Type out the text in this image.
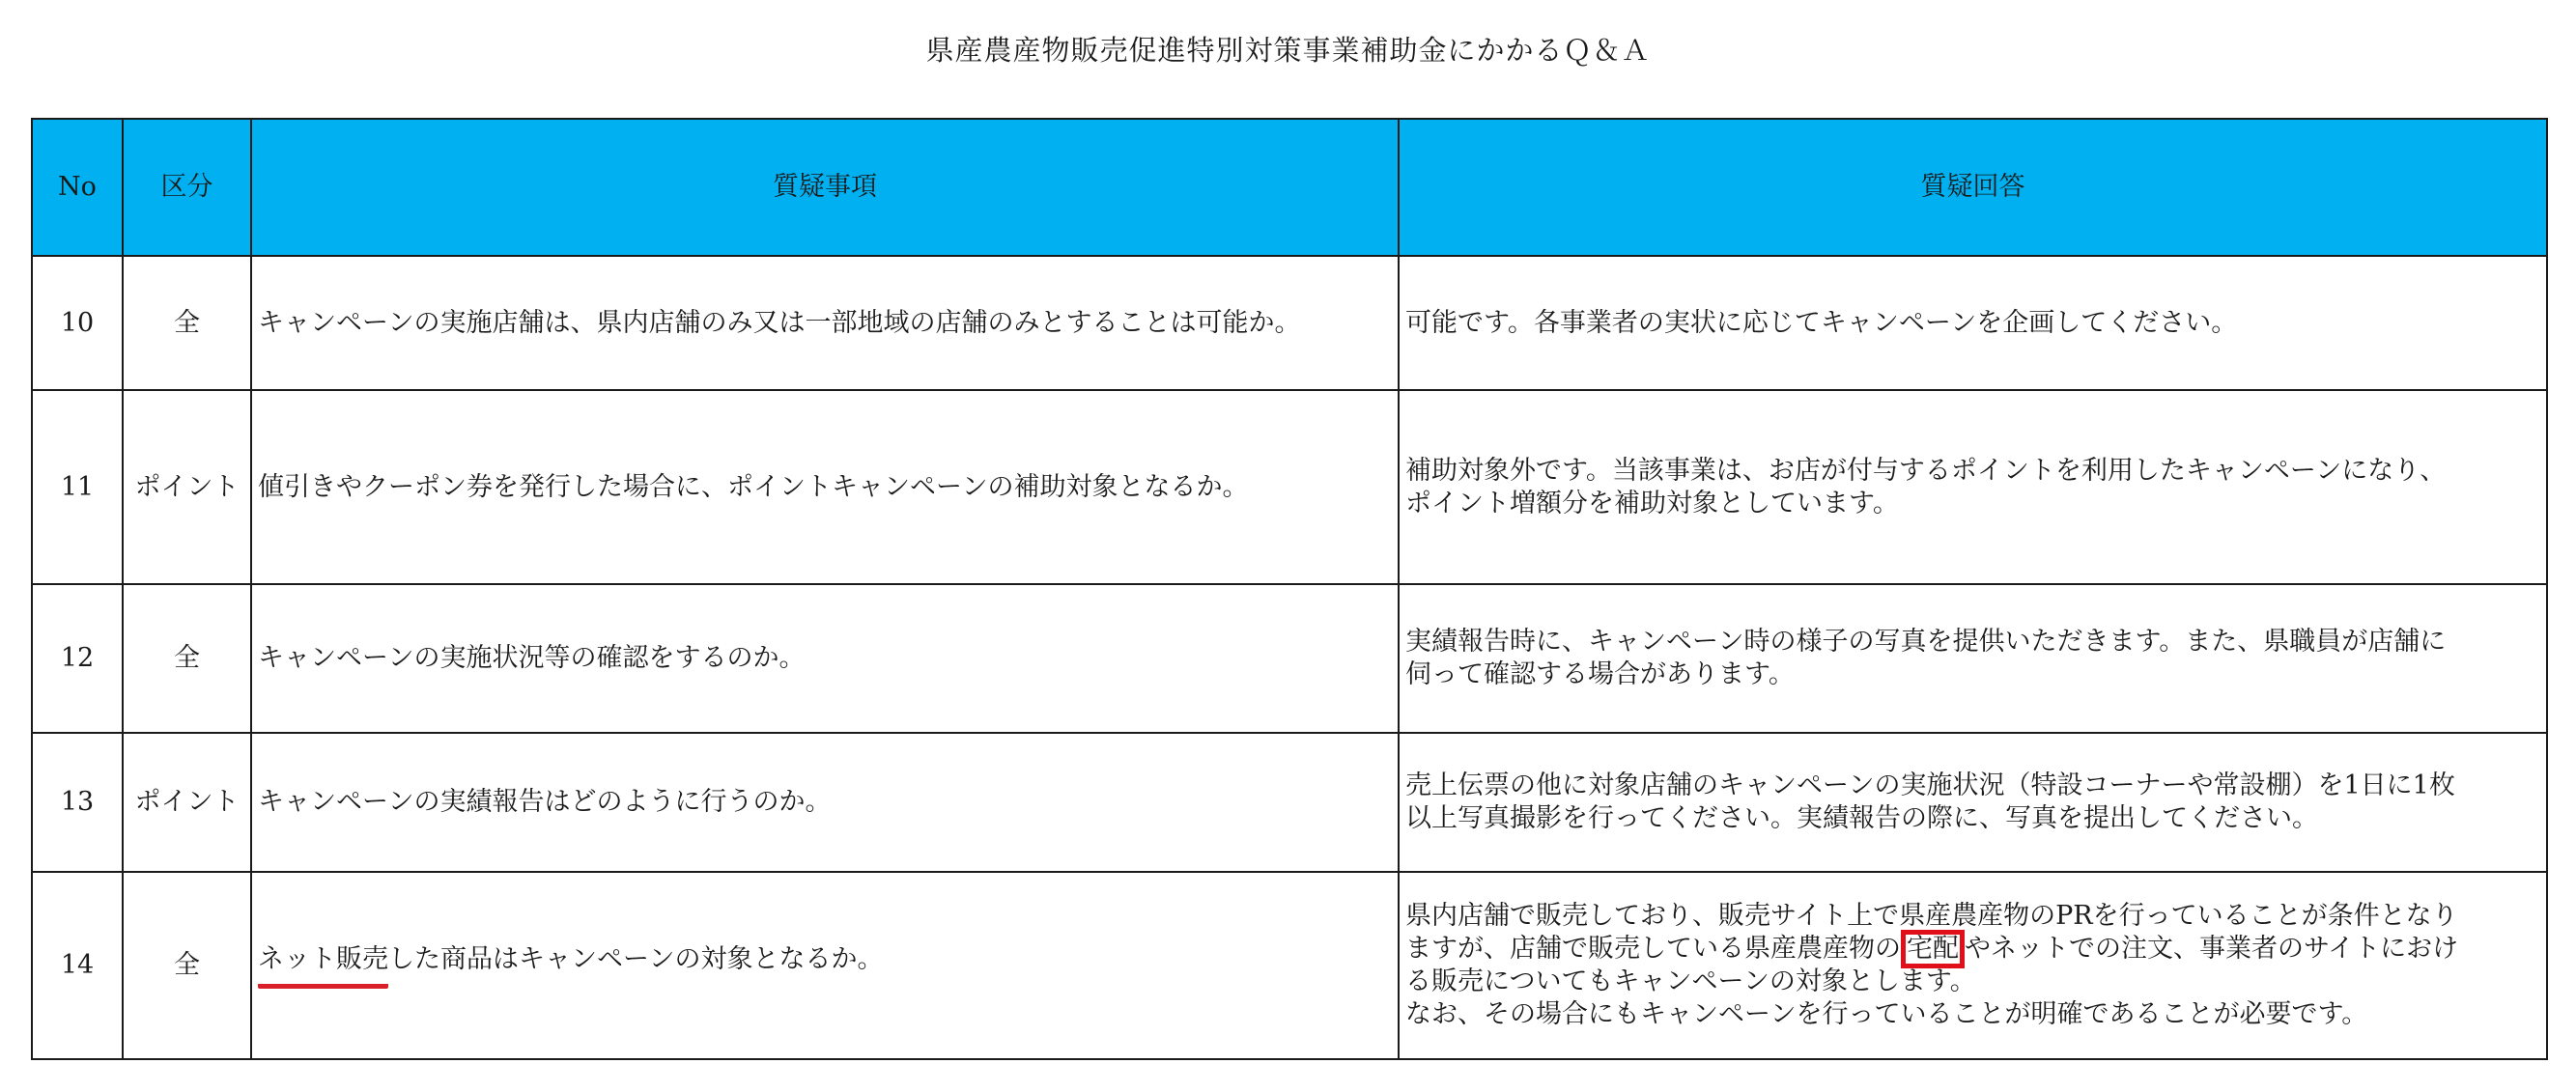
県産農産物販売促進特別対策事業補助金にかかるＱ＆Ａ
No	区分	質疑事項	質疑回答
10	全	キャンペーンの実施店舗は、県内店舗のみ又は一部地域の店舗のみとすることは可能か。	可能です。各事業者の実状に応じてキャンペーンを企画してください。

11	ポイント	値引きやクーポン券を発行した場合に、ポイントキャンペーンの補助対象となるか。	補助対象外です。当該事業は、お店が付与するポイントを利用したキャンペーンになり、
ポイント増額分を補助対象としています。

12	全	キャンペーンの実施状況等の確認をするのか。	実績報告時に、キャンペーン時の様子の写真を提供いただきます。また、県職員が店舗に
伺って確認する場合があります。

13	ポイント	キャンペーンの実績報告はどのように行うのか。	売上伝票の他に対象店舗のキャンペーンの実施状況（特設コーナーや常設棚）を1日に1枚
以上写真撮影を行ってください。実績報告の際に、写真を提出してください。

14	全	ネット販売した商品はキャンペーンの対象となるか。	県内店舗で販売しており、販売サイト上で県産農産物のPRを行っていることが条件となり
ますが、店舗で販売している県産農産物の 宅配 やネットでの注文、事業者のサイトにおけ
る販売についてもキャンペーンの対象とします。
なお、その場合にもキャンペーンを行っていることが明確であることが必要です。
